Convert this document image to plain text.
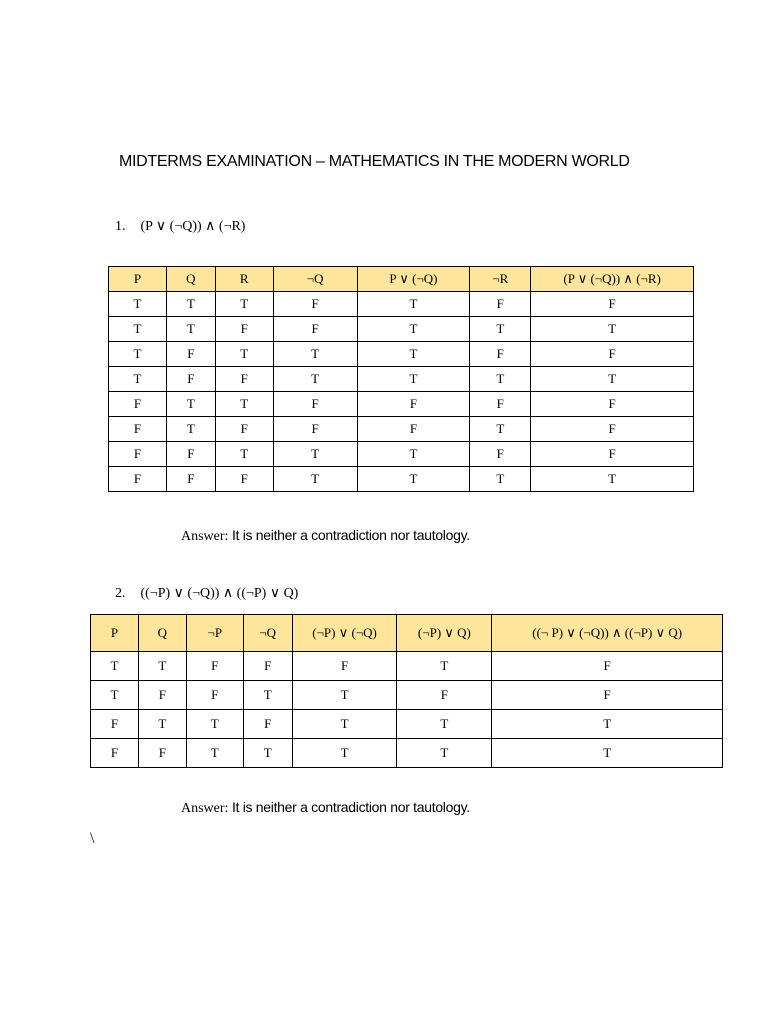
MIDTERMS EXAMINATION – MATHEMATICS IN THE MODERN WORLD
1. (P ∨ (¬Q)) ∧ (¬R)
P	Q	R	¬Q	P ∨ (¬Q)	¬R	(P ∨ (¬Q)) ∧ (¬R)
T	T	T	F	T	F	F
T	T	F	F	T	T	T
T	F	T	T	T	F	F
T	F	F	T	T	T	T
F	T	T	F	F	F	F
F	T	F	F	F	T	F
F	F	T	T	T	F	F
F	F	F	T	T	T	T
Answer: It is neither a contradiction nor tautology.
2. ((¬P) ∨ (¬Q)) ∧ ((¬P) ∨ Q)
P	Q	¬P	¬Q	(¬P) ∨ (¬Q)	(¬P) ∨ Q)	((¬ P) ∨ (¬Q)) ∧ ((¬P) ∨ Q)
T	T	F	F	F	T	F
T	F	F	T	T	F	F
F	T	T	F	T	T	T
F	F	T	T	T	T	T
Answer: It is neither a contradiction nor tautology.
\
